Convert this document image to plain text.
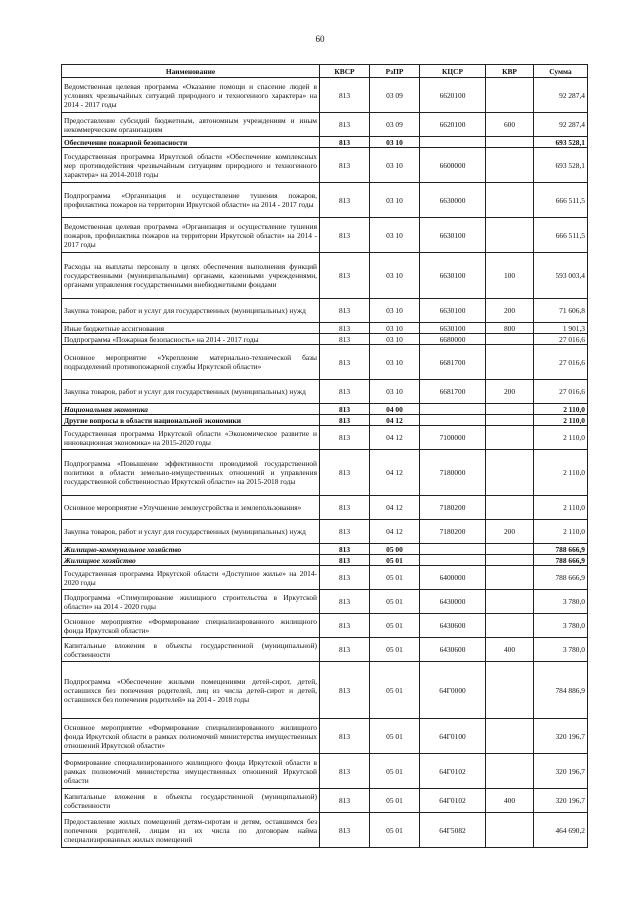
60
Наименование	КВСР	РзПР	КЦСР	КВР	Сумма
Ведомственная целевая программа «Оказание помощи и спасение людей в условиях чрезвычайных ситуаций природного и техногенного характера» на 2014 - 2017 годы	813	03 09	6620100		92 287,4
Предоставление субсидий бюджетным, автономным учреждениям и иным некоммерческим организациям	813	03 09	6620100	600	92 287,4
Обеспечение пожарной безопасности	813	03 10			693 528,1
Государственная программа Иркутской области «Обеспечение комплексных мер противодействия чрезвычайным ситуациям природного и техногенного характера» на 2014-2018 годы	813	03 10	6600000		693 528,1
Подпрограмма «Организация и осуществление тушения пожаров, профилактика пожаров на территории Иркутской области» на 2014 - 2017 годы	813	03 10	6630000		666 511,5
Ведомственная целевая программа «Организация и осуществление тушения пожаров, профилактика пожаров на территории Иркутской области» на 2014 - 2017 годы	813	03 10	6630100		666 511,5
Расходы на выплаты персоналу в целях обеспечения выполнения функций государственными (муниципальными) органами, казенными учреждениями, органами управления государственными внебюджетными фондами	813	03 10	6630100	100	593 003,4
Закупка товаров, работ и услуг для государственных (муниципальных) нужд	813	03 10	6630100	200	71 606,8
Иные бюджетные ассигнования	813	03 10	6630100	800	1 901,3
Подпрограмма «Пожарная безопасность» на 2014 - 2017 годы	813	03 10	6680000		27 016,6
Основное мероприятие «Укрепление материально-технической базы подразделений противопожарной службы Иркутской области»	813	03 10	6681700		27 016,6
Закупка товаров, работ и услуг для государственных (муниципальных) нужд	813	03 10	6681700	200	27 016,6
Национальная экономика	813	04 00			2 110,0
Другие вопросы в области национальной экономики	813	04 12			2 110,0
Государственная программа Иркутской области «Экономическое развитие и инновационная экономика» на 2015-2020 годы	813	04 12	7100000		2 110,0
Подпрограмма «Повышение эффективности проводимой государственной политики в области земельно-имущественных отношений и управления государственной собственностью Иркутской области» на 2015-2018 годы	813	04 12	7180000		2 110,0
Основное мероприятие «Улучшение землеустройства и землепользования»	813	04 12	7180200		2 110,0
Закупка товаров, работ и услуг для государственных (муниципальных) нужд	813	04 12	7180200	200	2 110,0
Жилищно-коммунальное хозяйство	813	05 00			788 666,9
Жилищное хозяйство	813	05 01			788 666,9
Государственная программа Иркутской области «Доступное жилье» на 2014-2020 годы	813	05 01	6400000		788 666,9
Подпрограмма «Стимулирование жилищного строительства в Иркутской области» на 2014 - 2020 годы	813	05 01	6430000		3 780,0
Основное мероприятие «Формирование специализированного жилищного фонда Иркутской области»	813	05 01	6430600		3 780,0
Капитальные вложения в объекты государственной (муниципальной) собственности	813	05 01	6430600	400	3 780,0
Подпрограмма «Обеспечение жилыми помещениями детей-сирот, детей, оставшихся без попечения родителей, лиц из числа детей-сирот и детей, оставшихся без попечения родителей» на 2014 - 2018 годы	813	05 01	64Г0000		784 886,9
Основное мероприятие «Формирование специализированного жилищного фонда Иркутской области в рамках полномочий министерства имущественных отношений Иркутской области»	813	05 01	64Г0100		320 196,7
Формирование специализированного жилищного фонда Иркутской области в рамках полномочий министерства имущественных отношений Иркутской области	813	05 01	64Г0102		320 196,7
Капитальные вложения в объекты государственной (муниципальной) собственности	813	05 01	64Г0102	400	320 196,7
Предоставление жилых помещений детям-сиротам и детям, оставшимся без попечения родителей, лицам из их числа по договорам найма специализированных жилых помещений	813	05 01	64Г5082		464 690,2
